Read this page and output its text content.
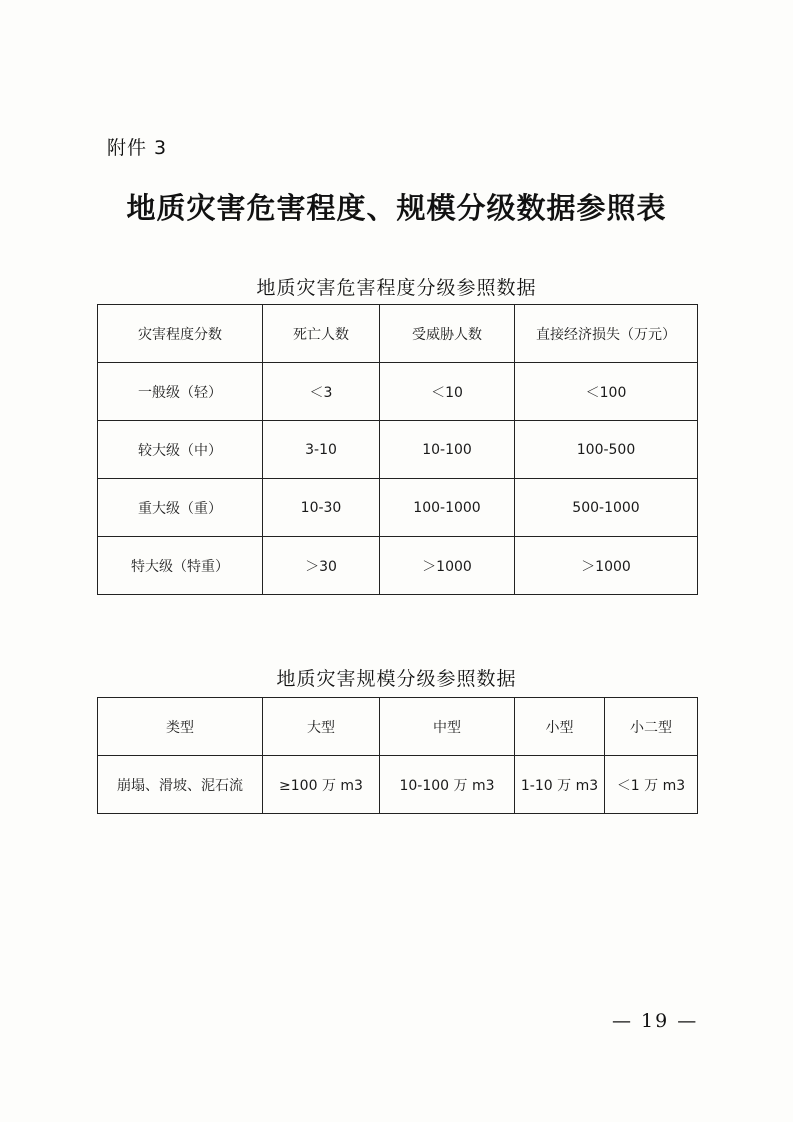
附件 3
地质灾害危害程度、规模分级数据参照表
地质灾害危害程度分级参照数据
灾害程度分数	死亡人数	受威胁人数	直接经济损失（万元）
一般级（轻）	＜3	＜10	＜100
较大级（中）	3-10	10-100	100-500
重大级（重）	10-30	100-1000	500-1000
特大级（特重）	＞30	＞1000	＞1000
地质灾害规模分级参照数据
类型	大型	中型	小型	小二型
崩塌、滑坡、泥石流	≥100 万 m3	10-100 万 m3	1-10 万 m3	＜1 万 m3
— 19 —
